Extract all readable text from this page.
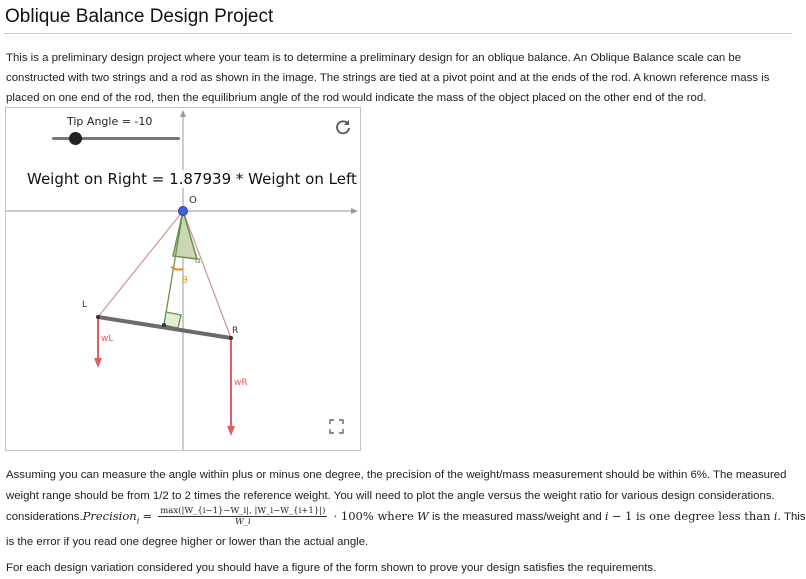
Oblique Balance Design Project
This is a preliminary design project where your team is to determine a preliminary design for an oblique balance. An Oblique Balance scale can be constructed with two strings and a rod as shown in the image. The strings are tied at a pivot point and at the ends of the rod. A known reference mass is placed on one end of the rod, then the equilibrium angle of the rod would indicate the mass of the object placed on the other end of the rod.
O
L
R
wL
wR
θ
α
Tip Angle = -10
Weight on Right = 1.87939 * Weight on Left

Assuming you can measure the angle within plus or minus one degree, the precision of the weight/mass measurement should be within 6%. The measured weight range should be from 1/2 to 2 times the reference weight. You will need to plot the angle versus the weight ratio for various design considerations. considerations.Precision$_i$ = $\frac{\max(|W\_\{i-1\}-W\_i|, |W\_i-W\_\{i+1\}|)}{W\_i} \cdot 100\%$ where W is the measured mass/weight and i − 1 is one degree less than i. This is the error if you read one degree higher or lower than the actual angle.

For each design variation considered you should have a figure of the form shown to prove your design satisfies the requirements.
